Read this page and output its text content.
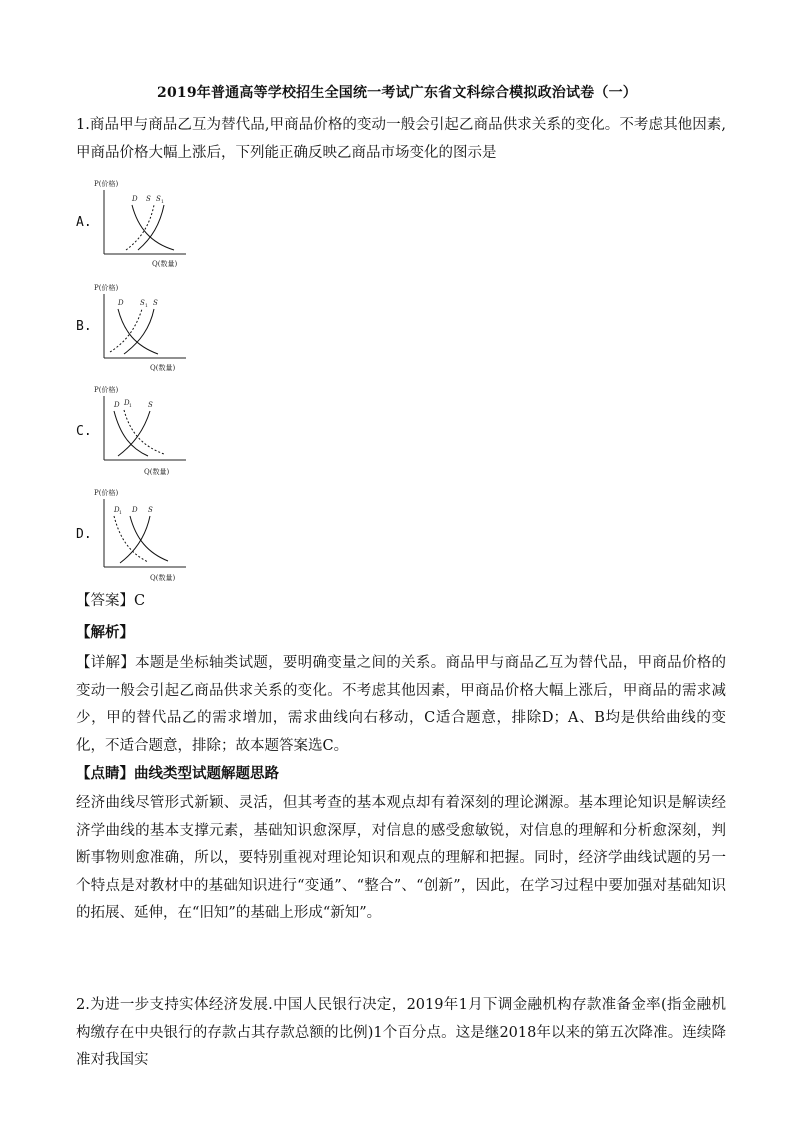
2019年普通高等学校招生全国统一考试广东省文科综合模拟政治试卷（一）
1.商品甲与商品乙互为替代品,甲商品价格的变动一般会引起乙商品供求关系的变化。不考虑其他因素,甲商品价格大幅上涨后，下列能正确反映乙商品市场变化的图示是
A.
P(价格)
Q(数量)
D S S 1
B.
P(价格)
Q(数量)
D S 1 S
C.
P(价格)
Q(数量)
D D 1 S
D.
P(价格)
Q(数量)
D 1 D S
【答案】C
【解析】
【详解】本题是坐标轴类试题，要明确变量之间的关系。商品甲与商品乙互为替代品，甲商品价格的变动一般会引起乙商品供求关系的变化。不考虑其他因素，甲商品价格大幅上涨后，甲商品的需求减少，甲的替代品乙的需求增加，需求曲线向右移动，C适合题意，排除D；A、B均是供给曲线的变化，不适合题意，排除；故本题答案选C。
【点睛】曲线类型试题解题思路
经济曲线尽管形式新颖、灵活，但其考查的基本观点却有着深刻的理论渊源。基本理论知识是解读经济学曲线的基本支撑元素，基础知识愈深厚，对信息的感受愈敏锐，对信息的理解和分析愈深刻，判断事物则愈准确，所以，要特别重视对理论知识和观点的理解和把握。同时，经济学曲线试题的另一个特点是对教材中的基础知识进行“变通”、“整合”、“创新”，因此，在学习过程中要加强对基础知识的拓展、延伸，在“旧知”的基础上形成“新知”。
2.为进一步支持实体经济发展.中国人民银行决定，2019年1月下调金融机构存款准备金率(指金融机构缴存在中央银行的存款占其存款总额的比例)1个百分点。这是继2018年以来的第五次降准。连续降准对我国实
